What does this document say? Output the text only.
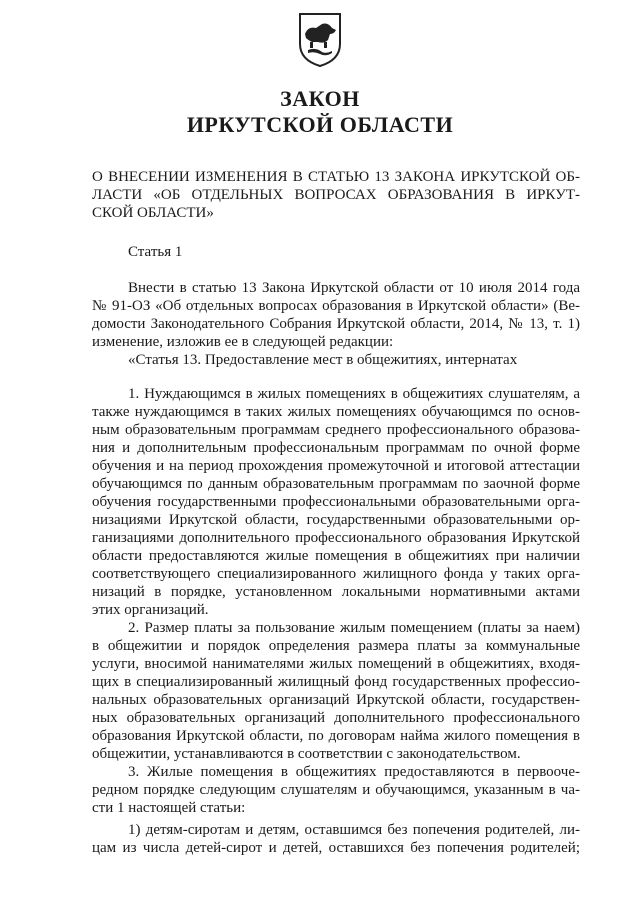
ЗАКОН
ИРКУТСКОЙ ОБЛАСТИ
О ВНЕСЕНИИ ИЗМЕНЕНИЯ В СТАТЬЮ 13 ЗАКОНА ИРКУТСКОЙ ОБ-
ЛАСТИ «ОБ ОТДЕЛЬНЫХ ВОПРОСАХ ОБРАЗОВАНИЯ В ИРКУТ-
СКОЙ ОБЛАСТИ»
Статья 1
Внести в статью 13 Закона Иркутской области от 10 июля 2014 года
№ 91-ОЗ «Об отдельных вопросах образования в Иркутской области» (Ве-
домости Законодательного Собрания Иркутской области, 2014, № 13, т. 1)
изменение, изложив ее в следующей редакции:
«Статья 13. Предоставление мест в общежитиях, интернатах
1. Нуждающимся в жилых помещениях в общежитиях слушателям, а
также нуждающимся в таких жилых помещениях обучающимся по основ-
ным образовательным программам среднего профессионального образова-
ния и дополнительным профессиональным программам по очной форме
обучения и на период прохождения промежуточной и итоговой аттестации
обучающимся по данным образовательным программам по заочной форме
обучения государственными профессиональными образовательными орга-
низациями Иркутской области, государственными образовательными ор-
ганизациями дополнительного профессионального образования Иркутской
области предоставляются жилые помещения в общежитиях при наличии
соответствующего специализированного жилищного фонда у таких орга-
низаций в порядке, установленном локальными нормативными актами
этих организаций.
2. Размер платы за пользование жилым помещением (платы за наем)
в общежитии и порядок определения размера платы за коммунальные
услуги, вносимой нанимателями жилых помещений в общежитиях, входя-
щих в специализированный жилищный фонд государственных профессио-
нальных образовательных организаций Иркутской области, государствен-
ных образовательных организаций дополнительного профессионального
образования Иркутской области, по договорам найма жилого помещения в
общежитии, устанавливаются в соответствии с законодательством.
3. Жилые помещения в общежитиях предоставляются в первооче-
редном порядке следующим слушателям и обучающимся, указанным в ча-
сти 1 настоящей статьи:
1) детям-сиротам и детям, оставшимся без попечения родителей, ли-
цам из числа детей-сирот и детей, оставшихся без попечения родителей;
